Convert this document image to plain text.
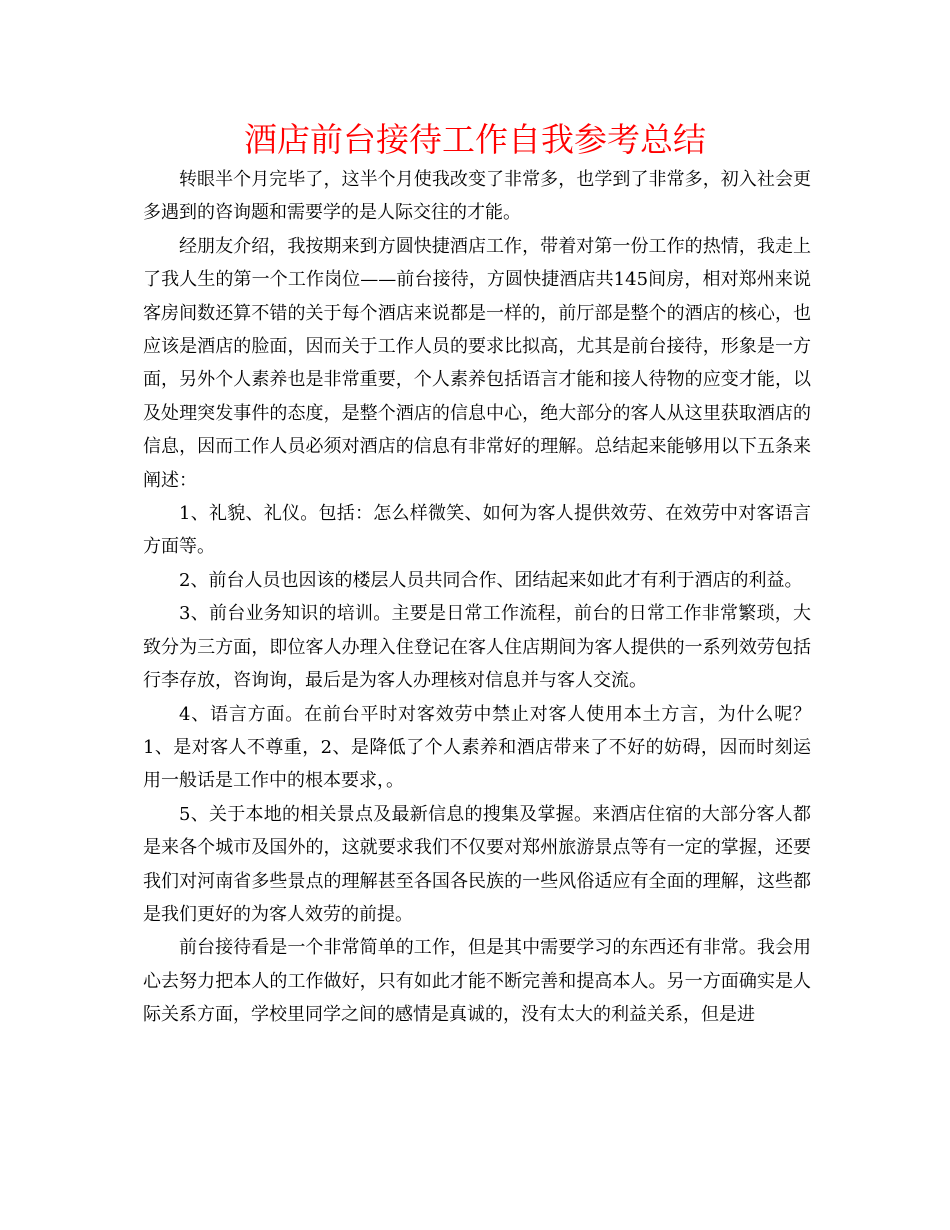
酒店前台接待工作自我参考总结

转眼半个月完毕了，这半个月使我改变了非常多，也学到了非常多，初入社会更多遇到的咨询题和需要学的是人际交往的才能。

经朋友介绍，我按期来到方圆快捷酒店工作，带着对第一份工作的热情，我走上了我人生的第一个工作岗位——前台接待，方圆快捷酒店共145间房，相对郑州来说客房间数还算不错的关于每个酒店来说都是一样的，前厅部是整个的酒店的核心，也应该是酒店的脸面，因而关于工作人员的要求比拟高，尤其是前台接待，形象是一方面，另外个人素养也是非常重要，个人素养包括语言才能和接人待物的应变才能，以及处理突发事件的态度，是整个酒店的信息中心，绝大部分的客人从这里获取酒店的信息，因而工作人员必须对酒店的信息有非常好的理解。总结起来能够用以下五条来阐述：

1、礼貌、礼仪。包括：怎么样微笑、如何为客人提供效劳、在效劳中对客语言方面等。

2、前台人员也因该的楼层人员共同合作、团结起来如此才有利于酒店的利益。

3、前台业务知识的培训。主要是日常工作流程，前台的日常工作非常繁琐，大致分为三方面，即位客人办理入住登记在客人住店期间为客人提供的一系列效劳包括行李存放，咨询询，最后是为客人办理核对信息并与客人交流。

4、语言方面。在前台平时对客效劳中禁止对客人使用本土方言，为什么呢？1、是对客人不尊重，2、是降低了个人素养和酒店带来了不好的妨碍，因而时刻运用一般话是工作中的根本要求，。

5、关于本地的相关景点及最新信息的搜集及掌握。来酒店住宿的大部分客人都是来各个城市及国外的，这就要求我们不仅要对郑州旅游景点等有一定的掌握，还要我们对河南省多些景点的理解甚至各国各民族的一些风俗适应有全面的理解，这些都是我们更好的为客人效劳的前提。

前台接待看是一个非常简单的工作，但是其中需要学习的东西还有非常。我会用心去努力把本人的工作做好，只有如此才能不断完善和提高本人。另一方面确实是人际关系方面，学校里同学之间的感情是真诚的，没有太大的利益关系，但是进
